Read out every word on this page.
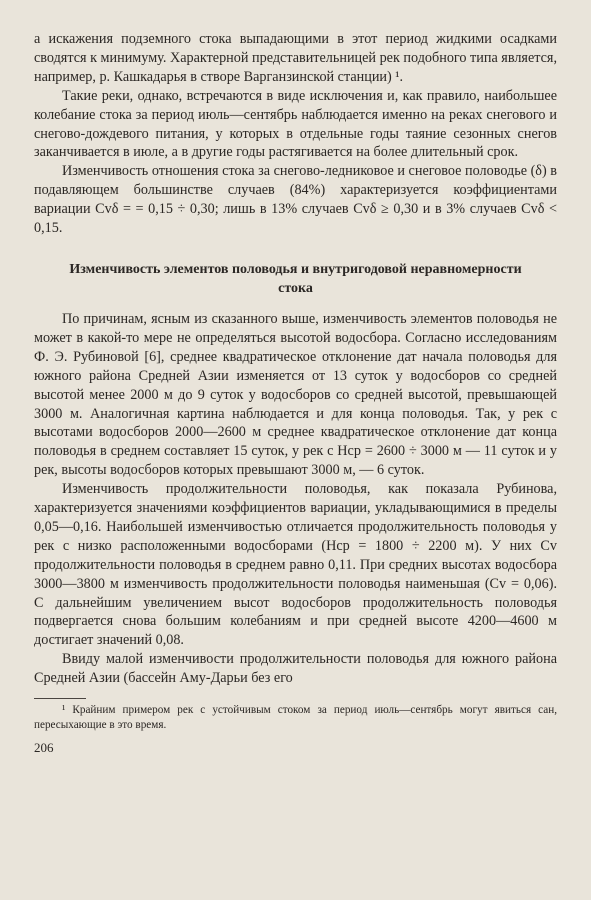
а искажения подземного стока выпадающими в этот период жидкими осадками сводятся к минимуму. Характерной представительницей рек подобного типа является, например, р. Кашкадарья в створе Варганзинской станции) ¹.

Такие реки, однако, встречаются в виде исключения и, как правило, наибольшее колебание стока за период июль—сентябрь наблюдается именно на реках снегового и снегово-дождевого питания, у которых в отдельные годы таяние сезонных снегов заканчивается в июле, а в другие годы растягивается на более длительный срок.

Изменчивость отношения стока за снегово-ледниковое и снеговое половодье (δ) в подавляющем большинстве случаев (84%) характеризуется коэффициентами вариации Cvδ = = 0,15 ÷ 0,30; лишь в 13% случаев Cvδ ≥ 0,30 и в 3% случаев Cvδ < 0,15.

Изменчивость элементов половодья и внутригодовой неравномерности стока

По причинам, ясным из сказанного выше, изменчивость элементов половодья не может в какой-то мере не определяться высотой водосбора. Согласно исследованиям Ф. Э. Рубиновой [6], среднее квадратическое отклонение дат начала половодья для южного района Средней Азии изменяется от 13 суток у водосборов со средней высотой менее 2000 м до 9 суток у водосборов со средней высотой, превышающей 3000 м. Аналогичная картина наблюдается и для конца половодья. Так, у рек с высотами водосборов 2000—2600 м среднее квадратическое отклонение дат конца половодья в среднем составляет 15 суток, у рек с Hср = 2600 ÷ 3000 м — 11 суток и у рек, высоты водосборов которых превышают 3000 м, — 6 суток.

Изменчивость продолжительности половодья, как показала Рубинова, характеризуется значениями коэффициентов вариации, укладывающимися в пределы 0,05—0,16. Наибольшей изменчивостью отличается продолжительность половодья у рек с низко расположенными водосборами (Hср = 1800 ÷ 2200 м). У них Cv продолжительности половодья в среднем равно 0,11. При средних высотах водосбора 3000—3800 м изменчивость продолжительности половодья наименьшая (Cv = 0,06). С дальнейшим увеличением высот водосборов продолжительность половодья подвергается снова большим колебаниям и при средней высоте 4200—4600 м достигает значений 0,08.

Ввиду малой изменчивости продолжительности половодья для южного района Средней Азии (бассейн Аму-Дарьи без его

¹ Крайним примером рек с устойчивым стоком за период июль—сентябрь могут явиться сан, пересыхающие в это время.

206
